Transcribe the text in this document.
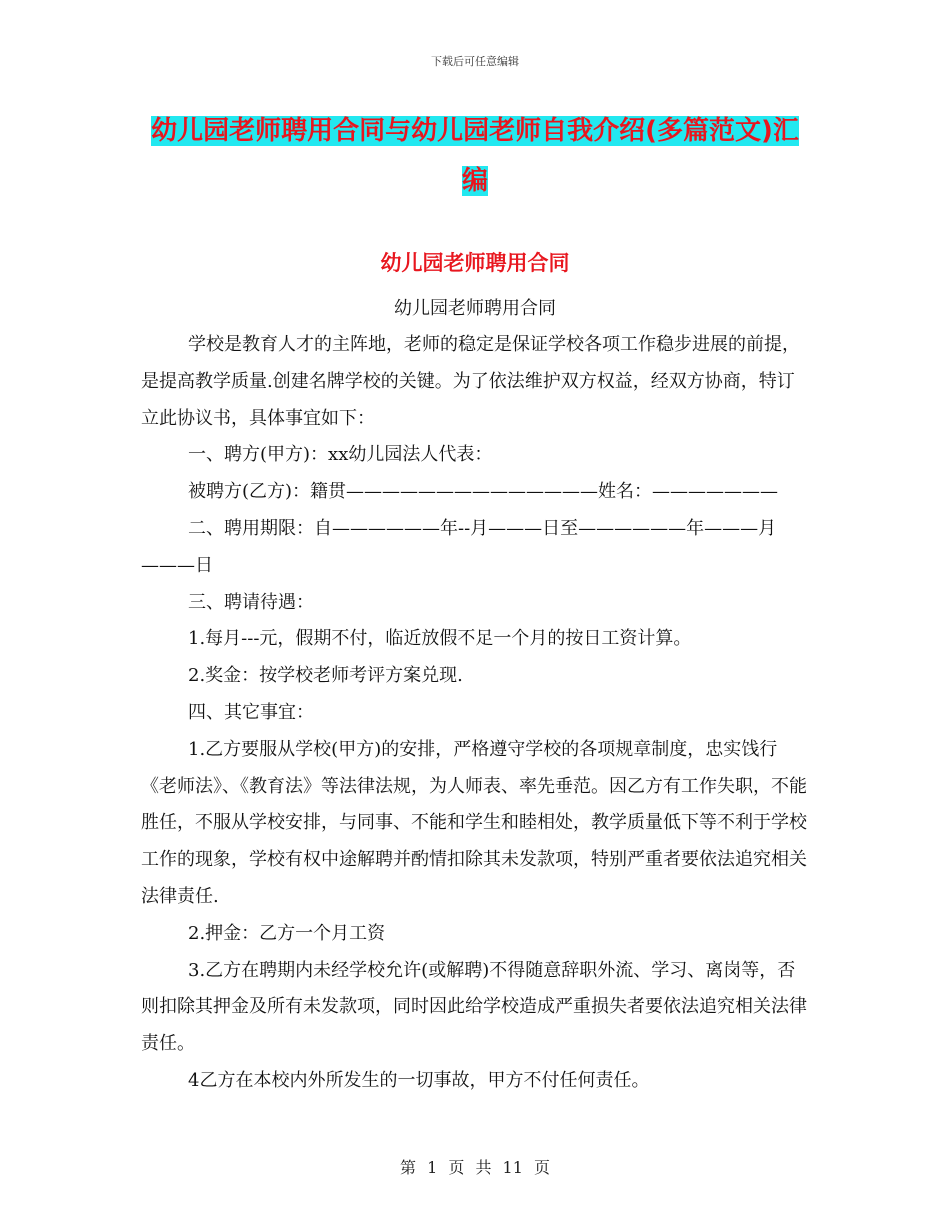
下载后可任意编辑
幼儿园老师聘用合同与幼儿园老师自我介绍(多篇范文)汇编
幼儿园老师聘用合同
幼儿园老师聘用合同

学校是教育人才的主阵地，老师的稳定是保证学校各项工作稳步进展的前提，是提高教学质量.创建名牌学校的关键。为了依法维护双方权益，经双方协商，特订立此协议书，具体事宜如下：

一、聘方(甲方)：xx幼儿园法人代表：

被聘方(乙方)：籍贯——————————————姓名：———————

二、聘用期限：自——————年--月———日至——————年———月———日

三、聘请待遇：

1.每月---元，假期不付，临近放假不足一个月的按日工资计算。

2.奖金：按学校老师考评方案兑现.

四、其它事宜：

1.乙方要服从学校(甲方)的安排，严格遵守学校的各项规章制度，忠实饯行《老师法》、《教育法》等法律法规，为人师表、率先垂范。因乙方有工作失职，不能胜任，不服从学校安排，与同事、不能和学生和睦相处，教学质量低下等不利于学校工作的现象，学校有权中途解聘并酌情扣除其未发款项，特别严重者要依法追究相关法律责任.

2.押金：乙方一个月工资

3.乙方在聘期内未经学校允许(或解聘)不得随意辞职外流、学习、离岗等，否则扣除其押金及所有未发款项，同时因此给学校造成严重损失者要依法追究相关法律责任。

4乙方在本校内外所发生的一切事故，甲方不付任何责任。

第 1 页 共 11 页
